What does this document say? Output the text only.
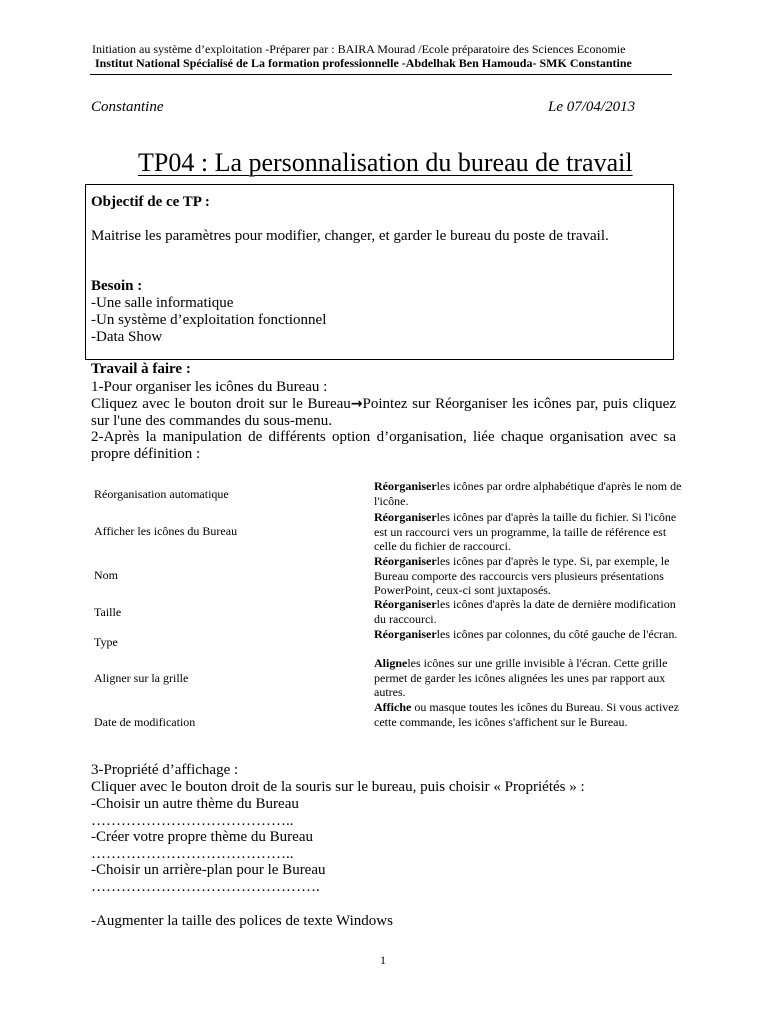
Initiation au système d’exploitation -Préparer par : BAIRA Mourad /Ecole préparatoire des Sciences Economie
Institut National Spécialisé de La formation professionnelle -Abdelhak Ben Hamouda- SMK Constantine
Constantine	Le 07/04/2013
TP04 : La personnalisation du bureau de travail
Objectif de ce TP :
Maitrise les paramètres pour modifier, changer, et garder le bureau du poste de travail.
Besoin :
-Une salle informatique
-Un système d’exploitation fonctionnel
-Data Show
Travail à faire :
1-Pour organiser les icônes du Bureau :
Cliquez avec le bouton droit sur le Bureau→Pointez sur Réorganiser les icônes par, puis cliquez sur l'une des commandes du sous-menu.
2-Après la manipulation de différents option d’organisation, liée chaque organisation avec sa propre définition :
Réorganisation automatique
Réorganiserles icônes par ordre alphabétique d'après le nom de l'icône.
Afficher les icônes du Bureau
Réorganiserles icônes par d'après la taille du fichier. Si l'icône est un raccourci vers un programme, la taille de référence est celle du fichier de raccourci.
Nom
Réorganiserles icônes par d'après le type. Si, par exemple, le Bureau comporte des raccourcis vers plusieurs présentations PowerPoint, ceux-ci sont juxtaposés.
Taille
Réorganiserles icônes d'après la date de dernière modification du raccourci.
Type
Réorganiserles icônes par colonnes, du côté gauche de l'écran.
Aligner sur la grille
Aligneles icônes sur une grille invisible à l'écran. Cette grille permet de garder les icônes alignées les unes par rapport aux autres.
Date de modification
Affiche ou masque toutes les icônes du Bureau. Si vous activez cette commande, les icônes s'affichent sur le Bureau.
3-Propriété d’affichage :
Cliquer avec le bouton droit de la souris sur le bureau, puis choisir « Propriétés » :
-Choisir un autre thème du Bureau
…………………………………..
-Créer votre propre thème du Bureau
…………………………………..
-Choisir un arrière-plan pour le Bureau
……………………………………….
-Augmenter la taille des polices de texte Windows
1
